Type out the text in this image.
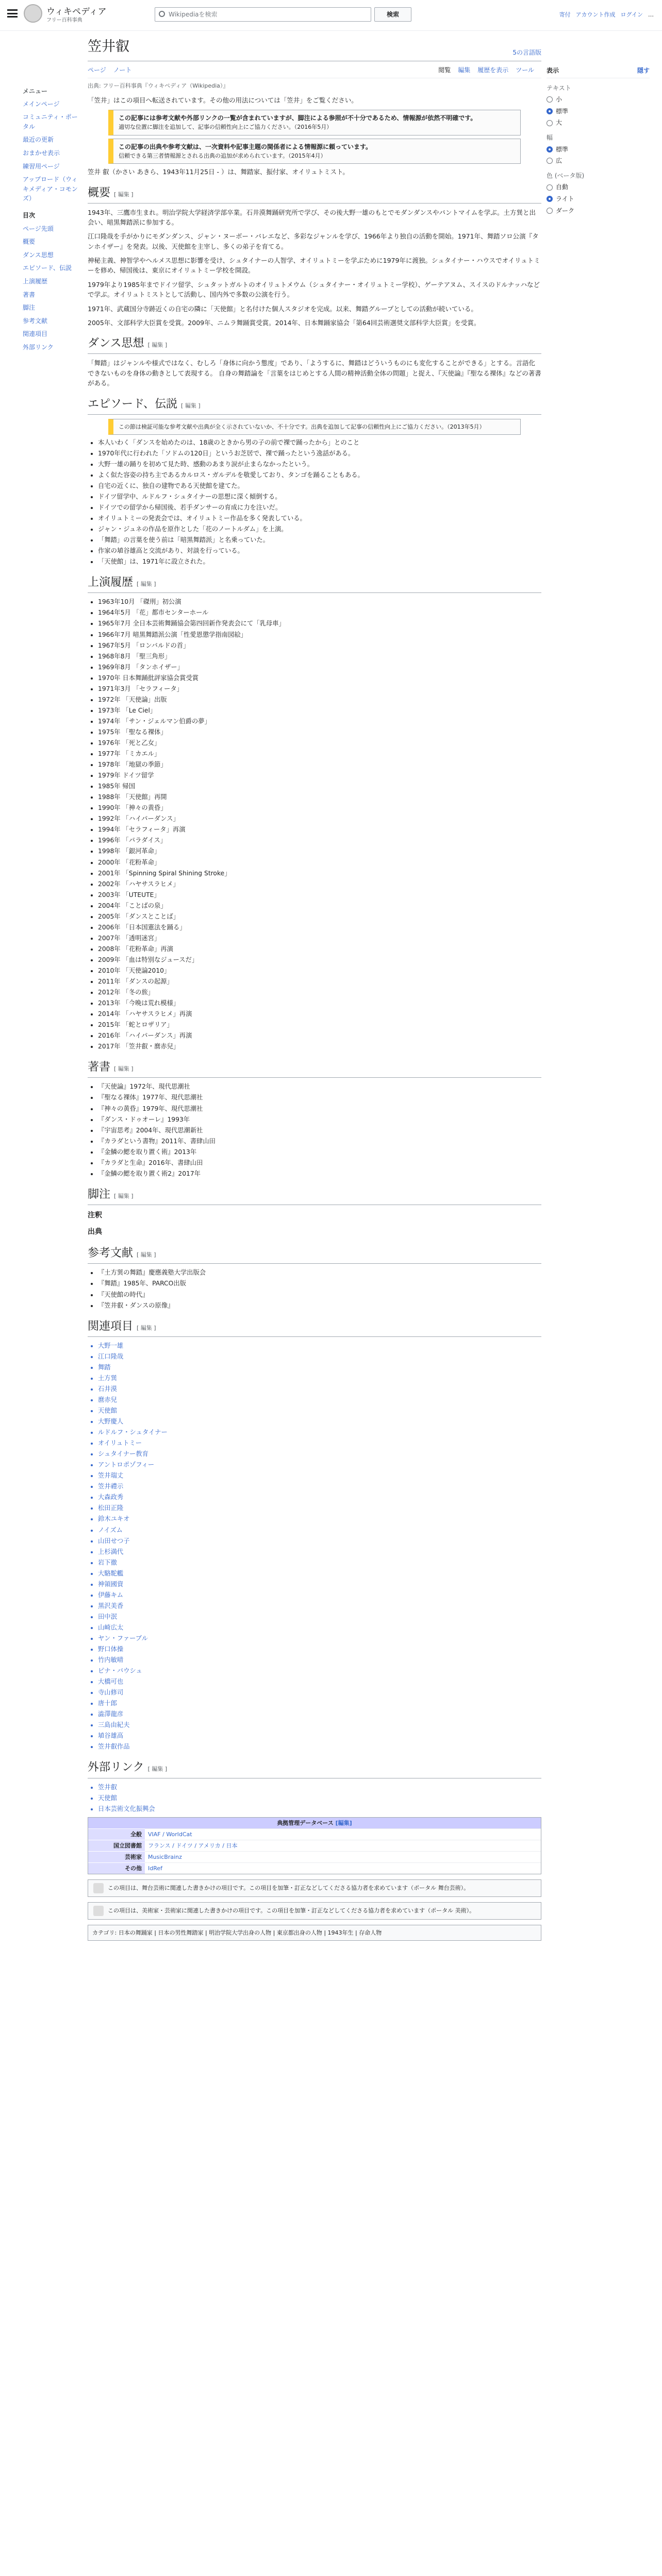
ウィキペディア
フリー百科事典
Wikipediaを検索	検索	寄付 アカウント作成 ログイン …
メニュー
メインページ
コミュニティ・ポータル
最近の更新
おまかせ表示
練習用ページ
アップロード（ウィキメディア・コモンズ）
目次
ページ先頭
概要
ダンス思想
エピソード、伝説
上演履歴
著書
脚注
参考文献
関連項目
外部リンク
表示	隠す
テキスト
小
標準
大
幅
標準
広
色 (ベータ版)
自動
ライト
ダーク
笠井叡	5の言語版
ページ ノート	閲覧 編集 履歴を表示 ツール
出典: フリー百科事典『ウィキペディア（Wikipedia）』
「笠井」はこの項目へ転送されています。その他の用法については「笠井」をご覧ください。
この記事には参考文献や外部リンクの一覧が含まれていますが、脚注による参照が不十分であるため、情報源が依然不明確です。
適切な位置に脚注を追加して、記事の信頼性向上にご協力ください。（2016年5月）
この記事の出典や参考文献は、一次資料や記事主題の関係者による情報源に頼っています。
信頼できる第三者情報源とされる出典の追加が求められています。（2015年4月）

笠井 叡（かさい あきら、1943年11月25日 - ）は、舞踏家、振付家、オイリュトミスト。

概要 [ 編集 ]

1943年、三鷹市生まれ。明治学院大学経済学部卒業。石井漠舞踊研究所で学び、その後大野一雄のもとでモダンダンスやパントマイムを学ぶ。土方巽と出会い、暗黒舞踏派に参加する。

江口隆哉を手がかりにモダンダンス、ジャン・ヌーボー・バレエなど、多彩なジャンルを学び、1966年より独自の活動を開始。1971年、舞踏ソロ公演『タンホイザー』を発表。以後、天使館を主宰し、多くの弟子を育てる。

神秘主義、神智学やヘルメス思想に影響を受け、シュタイナーの人智学、オイリュトミーを学ぶために1979年に渡独。シュタイナー・ハウスでオイリュトミーを修め、帰国後は、東京にオイリュトミー学校を開設。

1979年より1985年までドイツ留学、シュタットガルトのオイリュトメウム（シュタイナー・オイリュトミー学校）、ゲーテアヌム、スイスのドルナッハなどで学ぶ。オイリュトミストとして活動し、国内外で多数の公演を行う。

1971年、武蔵国分寺跡近くの自宅の隣に「天使館」と名付けた個人スタジオを完成。以来、舞踏グループとしての活動が続いている。

2005年、文部科学大臣賞を受賞。2009年、ニムラ舞踊賞受賞。2014年、日本舞踊家協会「第64回芸術選奨文部科学大臣賞」を受賞。

ダンス思想 [ 編集 ]

「舞踏」はジャンルや様式ではなく、むしろ「身体に向かう態度」であり、「ようするに、舞踏はどういうものにも変化することができる」とする。言語化できないものを身体の動きとして表現する。 自身の舞踏論を「言葉をはじめとする人間の精神活動全体の問題」と捉え、『天使論』『聖なる裸体』などの著書がある。

エピソード、伝説 [ 編集 ]
この節は検証可能な参考文献や出典が全く示されていないか、不十分です。出典を追加して記事の信頼性向上にご協力ください。（2013年5月）
• 本人いわく「ダンスを始めたのは、18歳のときから男の子の前で裸で踊ったから」とのこと
• 1970年代に行われた「ソドムの120日」というお芝居で、裸で踊ったという逸話がある。
• 大野一雄の踊りを初めて見た時、感動のあまり涙が止まらなかったという。
• よく似た容姿の持ち主であるカルロス・ガルデルを敬愛しており、タンゴを踊ることもある。
• 自宅の近くに、独自の建物である天使館を建てた。
• ドイツ留学中、ルドルフ・シュタイナーの思想に深く傾倒する。
• ドイツでの留学から帰国後、若手ダンサーの育成に力を注いだ。
• オイリュトミーの発表会では、オイリュトミー作品を多く発表している。
• ジャン・ジュネの作品を原作とした「花のノートルダム」を上演。
• 「舞踏」の言葉を使う前は「暗黒舞踏派」と名乗っていた。
• 作家の埴谷雄高と交流があり、対談を行っている。
• 「天使館」は、1971年に設立された。
上演履歴 [ 編集 ]
• 1963年10月 「磔刑」初公演
• 1964年5月 「花」都市センターホール
• 1965年7月 全日本芸術舞踊協会第四回新作発表会にて「乳母車」
• 1966年7月 暗黒舞踏派公演「性愛恩懲学指南図絵」
• 1967年5月 「ロンバルドの首」
• 1968年8月 「聖三角形」
• 1969年8月 「タンホイザー」
• 1970年 日本舞踊批評家協会賞受賞
• 1971年3月 「セラフィータ」
• 1972年 「天使論」出版
• 1973年 「Le Ciel」
• 1974年 「サン・ジェルマン伯爵の夢」
• 1975年 「聖なる裸体」
• 1976年 「死と乙女」
• 1977年 「ミカエル」
• 1978年 「地獄の季節」
• 1979年 ドイツ留学
• 1985年 帰国
• 1988年 「天使館」再開
• 1990年 「神々の黄昏」
• 1992年 「ハイパーダンス」
• 1994年 「セラフィータ」再演
• 1996年 「パラダイス」
• 1998年 「銀河革命」
• 2000年 「花粉革命」
• 2001年 「Spinning Spiral Shining Stroke」
• 2002年 「ハヤサスラヒメ」
• 2003年 「UTEUTE」
• 2004年 「ことばの泉」
• 2005年 「ダンスとことば」
• 2006年 「日本国憲法を踊る」
• 2007年 「透明迷宮」
• 2008年 「花粉革命」再演
• 2009年 「血は特別なジュースだ」
• 2010年 「天使論2010」
• 2011年 「ダンスの起源」
• 2012年 「冬の旅」
• 2013年 「今晩は荒れ模様」
• 2014年 「ハヤサスラヒメ」再演
• 2015年 「蛇とロザリア」
• 2016年 「ハイパーダンス」再演
• 2017年 「笠井叡・麿赤兒」
著書 [ 編集 ]
• 『天使論』1972年、現代思潮社
• 『聖なる裸体』1977年、現代思潮社
• 『神々の黄昏』1979年、現代思潮社
• 『ダンス・ドゥオーレ』1993年
• 『宇宙思考』2004年、現代思潮新社
• 『カラダという書物』2011年、書肆山田
• 『金鱗の鰓を取り置く術』2013年
• 『カラダと生命』2016年、書肆山田
• 『金鱗の鰓を取り置く術2』2017年
脚注 [ 編集 ]
注釈
出典
参考文献 [ 編集 ]
• 『土方巽の舞踏』慶應義塾大学出版会
• 『舞踏』1985年、PARCO出版
• 『天使館の時代』
• 『笠井叡・ダンスの原像』
関連項目 [ 編集 ]
• 大野一雄
• 江口隆哉
• 舞踏
• 土方巽
• 石井漠
• 麿赤兒
• 天使館
• 大野慶人
• ルドルフ・シュタイナー
• オイリュトミー
• シュタイナー教育
• アントロポゾフィー
• 笠井瑞丈
• 笠井禮示
• 大森政秀
• 松田正隆
• 鈴木ユキオ
• ノイズム
• 山田せつ子
• 上杉満代
• 岩下徹
• 大駱駝艦
• 神領國資
• 伊藤キム
• 黒沢美香
• 田中泯
• 山崎広太
• ヤン・ファーブル
• 野口体操
• 竹内敏晴
• ピナ・バウシュ
• 大橋可也
• 寺山修司
• 唐十郎
• 澁澤龍彦
• 三島由紀夫
• 埴谷雄高
• 笠井叡作品
外部リンク [ 編集 ]
• 笠井叡
• 天使館
• 日本芸術文化振興会
典拠管理データベース [編集]
全般	VIAF / WorldCat
国立図書館	フランス / ドイツ / アメリカ / 日本
芸術家	MusicBrainz
その他	IdRef
この項目は、舞台芸術に関連した書きかけの項目です。この項目を加筆・訂正などしてくださる協力者を求めています（ポータル 舞台芸術）。
この項目は、美術家・芸術家に関連した書きかけの項目です。この項目を加筆・訂正などしてくださる協力者を求めています（ポータル 美術）。
カテゴリ: 日本の舞踊家 | 日本の男性舞踏家 | 明治学院大学出身の人物 | 東京都出身の人物 | 1943年生 | 存命人物
